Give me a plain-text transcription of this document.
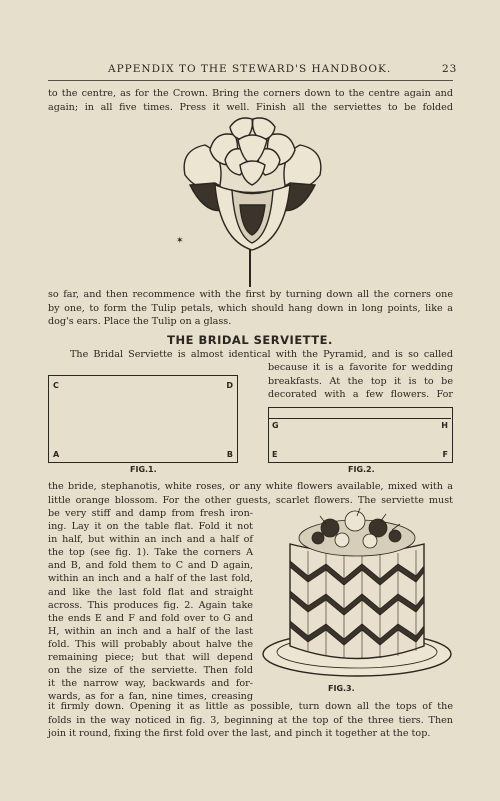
APPENDIX TO THE STEWARD'S HANDBOOK.	23
to the centre, as for the Crown. Bring the corners down to the centre again and
again; in all five times. Press it well. Finish all the serviettes to be folded
✶
so far, and then recommence with the first by turning down all the corners one
by one, to form the Tulip petals, which should hang down in long points, like a
dog's ears. Place the Tulip on a glass.
THE BRIDAL SERVIETTE.
The Bridal Serviette is almost identical with the Pyramid, and is so called
because it is a favorite for wedding
breakfasts. At the top it is to be
decorated with a few flowers. For
C	D
A	B
FIG.1.
G	H
E	F
FIG.2.
the bride, stephanotis, white roses, or any white flowers available, mixed with a
little orange blossom. For the other guests, scarlet flowers. The serviette must
be very stiff and damp from fresh iron-
ing. Lay it on the table flat. Fold it not
in half, but within an inch and a half of
the top (see fig. 1). Take the corners A
and B, and fold them to C and D again,
within an inch and a half of the last fold,
and like the last fold flat and straight
across. This produces fig. 2. Again take
the ends E and F and fold over to G and
H, within an inch and a half of the last
fold. This will probably about halve the
remaining piece; but that will depend
on the size of the serviette. Then fold
it the narrow way, backwards and for-
wards, as for a fan, nine times, creasing
FIG.3.
it firmly down. Opening it as little as possible, turn down all the tops of the
folds in the way noticed in fig. 3, beginning at the top of the three tiers. Then
join it round, fixing the first fold over the last, and pinch it together at the top.
